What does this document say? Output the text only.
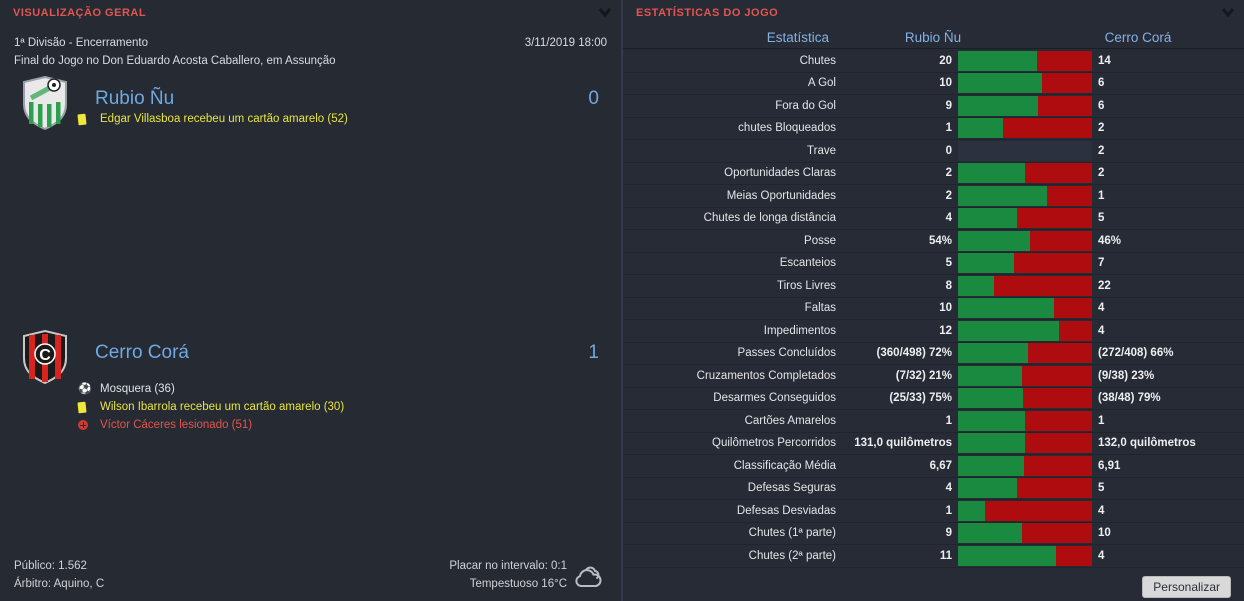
VISUALIZAÇÃO GERAL
1ª Divisão - Encerramento	3/11/2019 18:00
Final do Jogo no Don Eduardo Acosta Caballero, em Assunção
Rubio Ñu	0
Edgar Villasboa recebeu um cartão amarelo (52)
C Cerro Corá	1
⚽ Mosquera (36)
Wilson Ibarrola recebeu um cartão amarelo (30)
Víctor Cáceres lesionado (51)
Público: 1.562
Árbitro: Aquino, C
Placar no intervalo: 0:1
Tempestuoso 16°C
ESTATÍSTICAS DO JOGO
Estatística	Rubio Ñu	Cerro Corá
Chutes	20	14
A Gol	10	6
Fora do Gol	9	6
chutes Bloqueados	1	2
Trave	0	2
Oportunidades Claras	2	2
Meias Oportunidades	2	1
Chutes de longa distância	4	5
Posse	54%	46%
Escanteios	5	7
Tiros Livres	8	22
Faltas	10	4
Impedimentos	12	4
Passes Concluídos	(360/498) 72%	(272/408) 66%
Cruzamentos Completados	(7/32) 21%	(9/38) 23%
Desarmes Conseguidos	(25/33) 75%	(38/48) 79%
Cartões Amarelos	1	1
Quilômetros Percorridos	131,0 quilômetros	132,0 quilômetros
Classificação Média	6,67	6,91
Defesas Seguras	4	5
Defesas Desviadas	1	4
Chutes (1ª parte)	9	10
Chutes (2ª parte)	11	4
Personalizar
